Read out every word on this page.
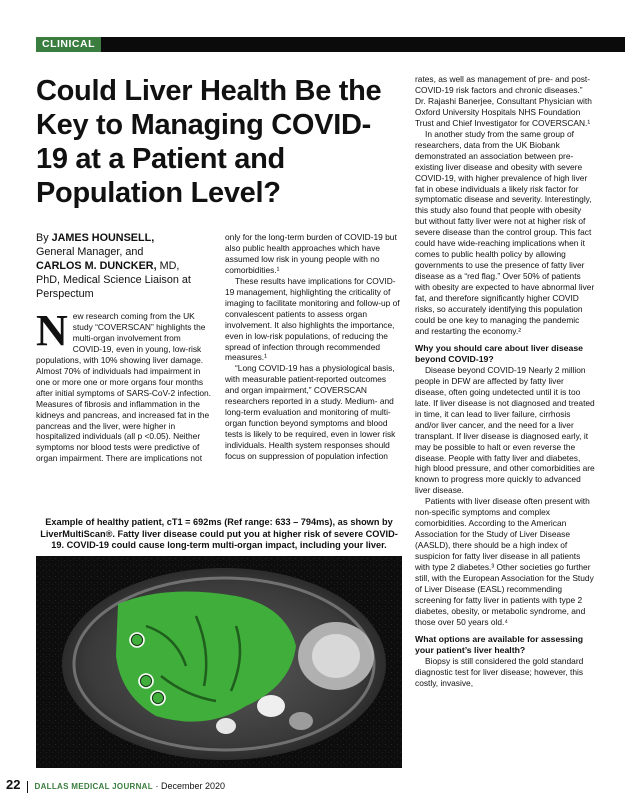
CLINICAL
Could Liver Health Be the Key to Managing COVID-19 at a Patient and Population Level?
By JAMES HOUNSELL,
General Manager, and
CARLOS M. DUNCKER, MD,
PhD, Medical Science Liaison at Perspectum
N ew research coming from the UK study “COVERSCAN” highlights the multi-organ involvement from COVID-19, even in young, low-risk populations, with 10% showing liver damage. Almost 70% of individuals had impairment in one or more one or more organs four months after initial symptoms of SARS-CoV-2 infection. Measures of fibrosis and inflammation in the kidneys and pancreas, and increased fat in the pancreas and the liver, were higher in hospitalized individuals (all p <0.05). Neither symptoms nor blood tests were predictive of organ impairment. There are implications not

only for the long-term burden of COVID-19 but also public health approaches which have assumed low risk in young people with no comorbidities.¹

These results have implications for COVID-19 management, highlighting the criticality of imaging to facilitate monitoring and follow-up of convalescent patients to assess organ involvement. It also highlights the importance, even in low-risk populations, of reducing the spread of infection through recommended measures.¹

“Long COVID-19 has a physiological basis, with measurable patient-reported outcomes and organ impairment,” COVERSCAN researchers reported in a study. Medium- and long-term evaluation and monitoring of multi-organ function beyond symptoms and blood tests is likely to be required, even in lower risk individuals. Health system responses should focus on suppression of population infection

Example of healthy patient, cT1 = 692ms (Ref range: 633 – 794ms), as shown by LiverMultiScan®. Fatty liver disease could put you at higher risk of severe COVID-19. COVID-19 could cause long-term multi-organ impact, including your liver.

rates, as well as management of pre- and post-COVID-19 risk factors and chronic diseases.” Dr. Rajashi Banerjee, Consultant Physician with Oxford University Hospitals NHS Foundation Trust and Chief Investigator for COVERSCAN.¹

In another study from the same group of researchers, data from the UK Biobank demonstrated an association between pre-existing liver disease and obesity with severe COVID-19, with higher prevalence of high liver fat in obese individuals a likely risk factor for symptomatic disease and severity. Interestingly, this study also found that people with obesity but without fatty liver were not at higher risk of severe disease than the control group. This fact could have wide-reaching implications when it comes to public health policy by allowing governments to use the presence of fatty liver disease as a “red flag.” Over 50% of patients with obesity are expected to have abnormal liver fat, and therefore significantly higher COVID risks, so accurately identifying this population could be one key to managing the pandemic and restarting the economy.²

Why you should care about liver disease beyond COVID-19?

Disease beyond COVID-19 Nearly 2 million people in DFW are affected by fatty liver disease, often going undetected until it is too late. If liver disease is not diagnosed and treated in time, it can lead to liver failure, cirrhosis and/or liver cancer, and the need for a liver transplant. If liver disease is diagnosed early, it may be possible to halt or even reverse the disease. People with fatty liver and diabetes, high blood pressure, and other comorbidities are known to progress more quickly to advanced liver disease.

Patients with liver disease often present with non-specific symptoms and complex comorbidities. According to the American Association for the Study of Liver Disease (AASLD), there should be a high index of suspicion for fatty liver disease in all patients with type 2 diabetes.³ Other societies go further still, with the European Association for the Study of Liver Disease (EASL) recommending screening for fatty liver in patients with type 2 diabetes, obesity, or metabolic syndrome, and those over 50 years old.⁴

What options are available for assessing your patient’s liver health?

Biopsy is still considered the gold standard diagnostic test for liver disease; however, this costly, invasive,

22 DALLAS MEDICAL JOURNAL · December 2020
